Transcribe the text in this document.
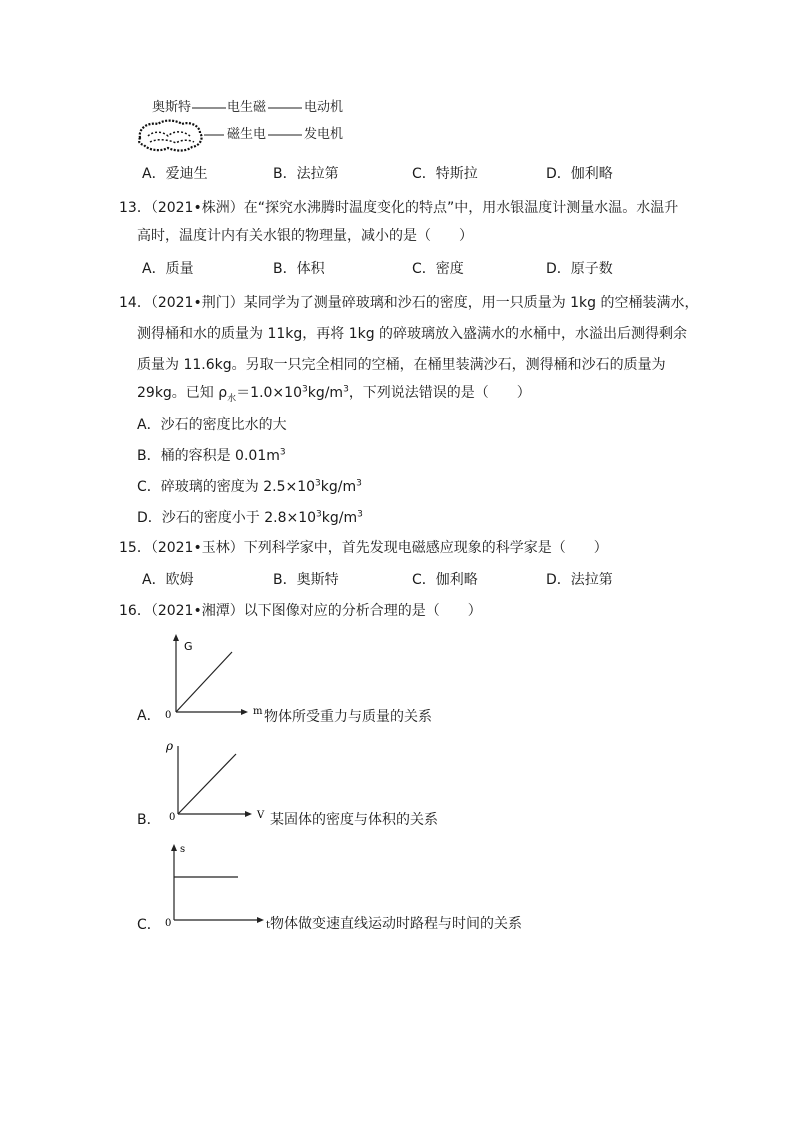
奥斯特	电生磁	电动机
磁生电	发电机
A．爱迪生	B．法拉第	C．特斯拉	D．伽利略
13．（2021•株洲）在“探究水沸腾时温度变化的特点”中，用水银温度计测量水温。水温升
高时，温度计内有关水银的物理量，减小的是（　　）
A．质量	B．体积	C．密度	D．原子数
14．（2021•荆门）某同学为了测量碎玻璃和沙石的密度，用一只质量为 1kg 的空桶装满水，
测得桶和水的质量为 11kg，再将 1kg 的碎玻璃放入盛满水的水桶中，水溢出后测得剩余
质量为 11.6kg。另取一只完全相同的空桶，在桶里装满沙石，测得桶和沙石的质量为
29kg。已知 $\rho_水=1.0\times 10^3kg/m^3$，下列说法错误的是（　　）
A．沙石的密度比水的大
B．桶的容积是 $0.01m^3$
C．碎玻璃的密度为 $2.5\times 10^3kg/m^3$
D．沙石的密度小于 $2.8\times 10^3kg/m^3$
15．（2021•玉林）下列科学家中，首先发现电磁感应现象的科学家是（　　）
A．欧姆	B．奥斯特	C．伽利略	D．法拉第
16．（2021•湘潭）以下图像对应的分析合理的是（　　）
A．
G
0	m 物体所受重力与质量的关系
B．
ρ
0	V 某固体的密度与体积的关系
C．
s
0	t物体做变速直线运动时路程与时间的关系
